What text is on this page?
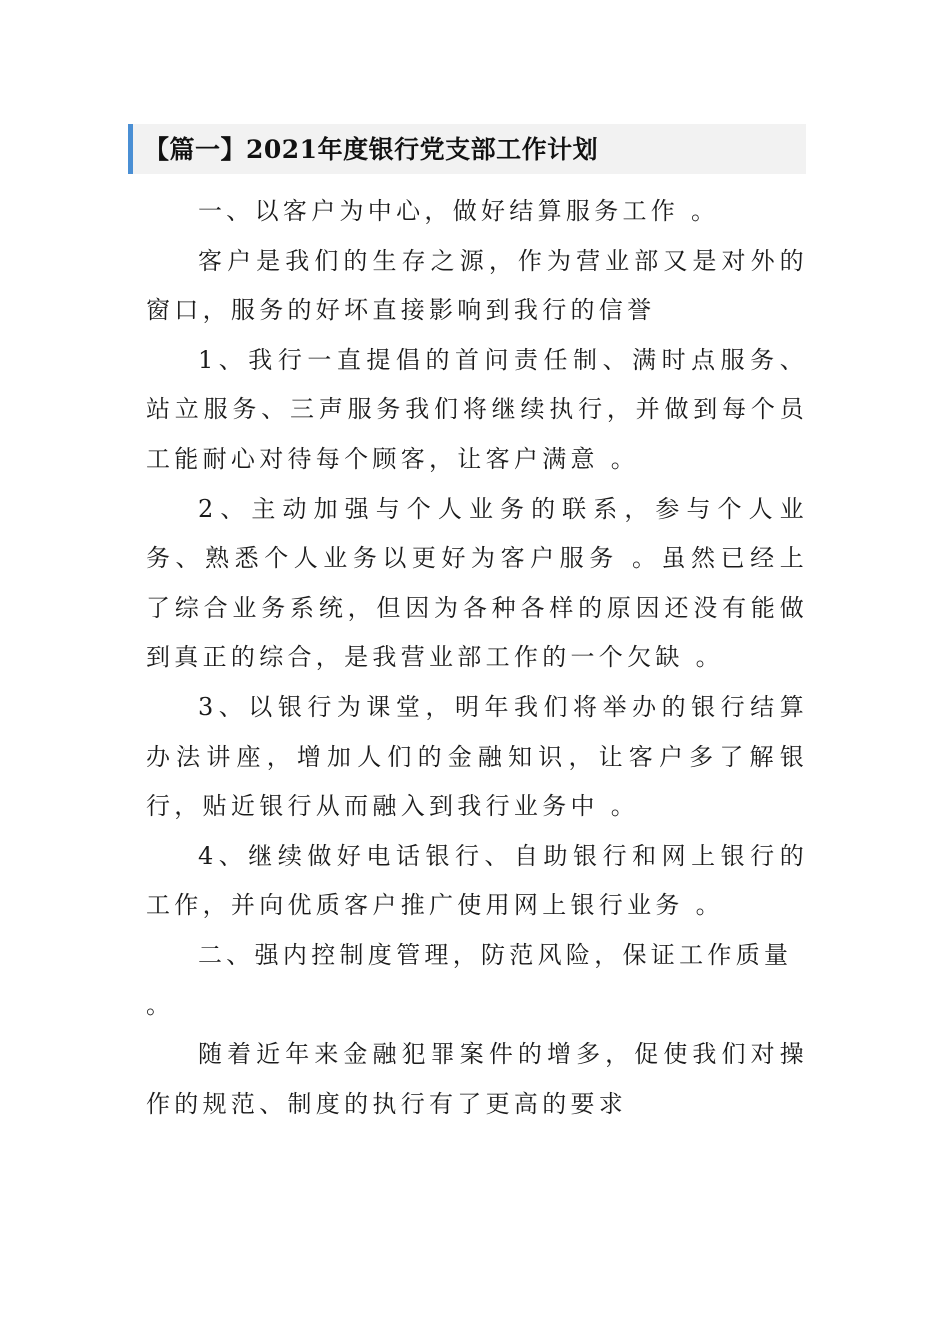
【篇一】2021年度银行党支部工作计划

一、以客户为中心，做好结算服务工作 。

客户是我们的生存之源，作为营业部又是对外的窗口，服务的好坏直接影响到我行的信誉

1、我行一直提倡的首问责任制、满时点服务、站立服务、三声服务我们将继续执行，并做到每个员工能耐心对待每个顾客，让客户满意 。

2、主动加强与个人业务的联系，参与个人业务、熟悉个人业务以更好为客户服务 。虽然已经上了综合业务系统，但因为各种各样的原因还没有能做到真正的综合，是我营业部工作的一个欠缺 。

3、以银行为课堂，明年我们将举办的银行结算办法讲座，增加人们的金融知识，让客户多了解银行，贴近银行从而融入到我行业务中 。

4、继续做好电话银行、自助银行和网上银行的工作，并向优质客户推广使用网上银行业务 。

二、强内控制度管理，防范风险，保证工作质量 。

随着近年来金融犯罪案件的增多，促使我们对操作的规范、制度的执行有了更高的要求
